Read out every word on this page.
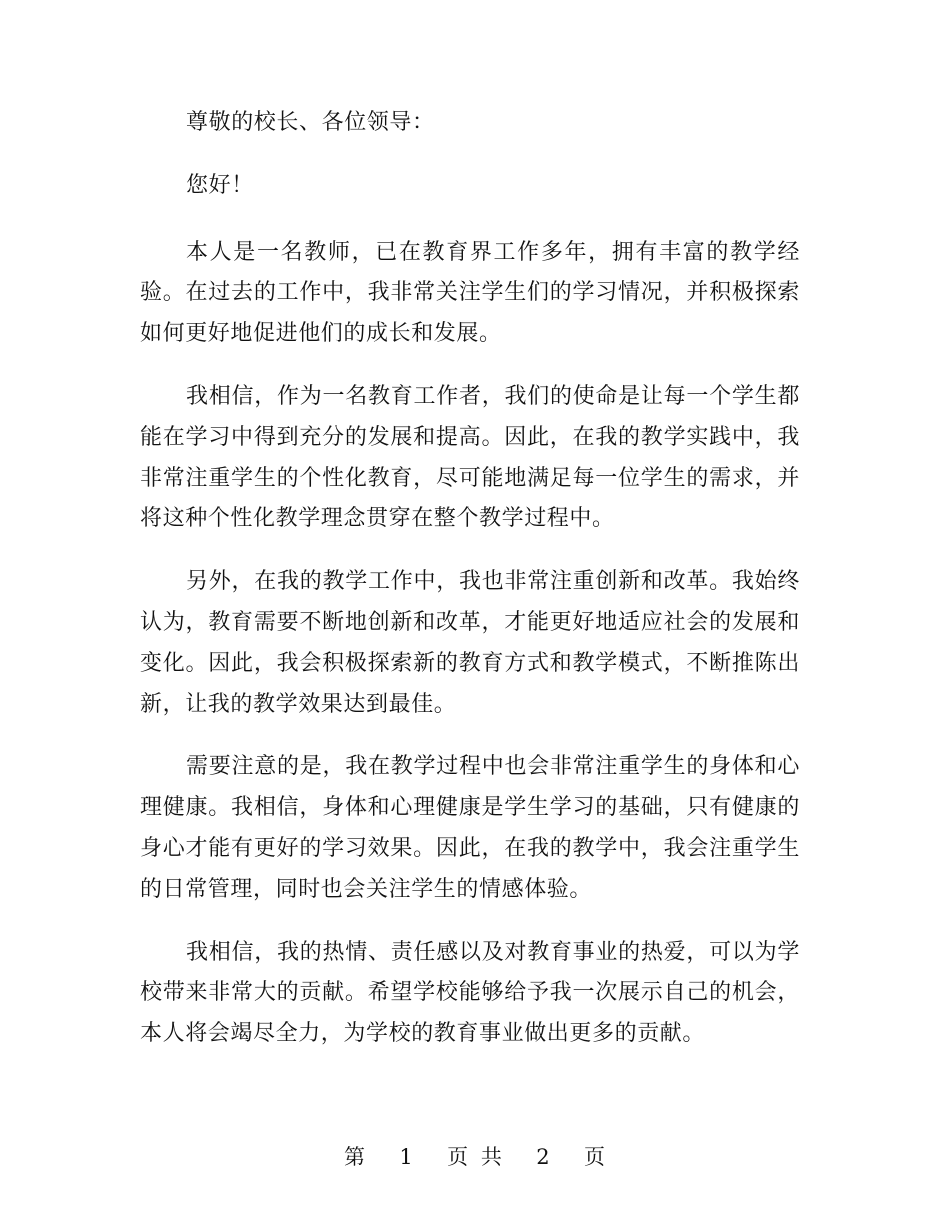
尊敬的校长、各位领导：

您好！

本人是一名教师，已在教育界工作多年，拥有丰富的教学经验。在过去的工作中，我非常关注学生们的学习情况，并积极探索如何更好地促进他们的成长和发展。

我相信，作为一名教育工作者，我们的使命是让每一个学生都能在学习中得到充分的发展和提高。因此，在我的教学实践中，我非常注重学生的个性化教育，尽可能地满足每一位学生的需求，并将这种个性化教学理念贯穿在整个教学过程中。

另外，在我的教学工作中，我也非常注重创新和改革。我始终认为，教育需要不断地创新和改革，才能更好地适应社会的发展和变化。因此，我会积极探索新的教育方式和教学模式，不断推陈出新，让我的教学效果达到最佳。

需要注意的是，我在教学过程中也会非常注重学生的身体和心理健康。我相信，身体和心理健康是学生学习的基础，只有健康的身心才能有更好的学习效果。因此，在我的教学中，我会注重学生的日常管理，同时也会关注学生的情感体验。

我相信，我的热情、责任感以及对教育事业的热爱，可以为学校带来非常大的贡献。希望学校能够给予我一次展示自己的机会，本人将会竭尽全力，为学校的教育事业做出更多的贡献。

第 1 页 共 2 页
